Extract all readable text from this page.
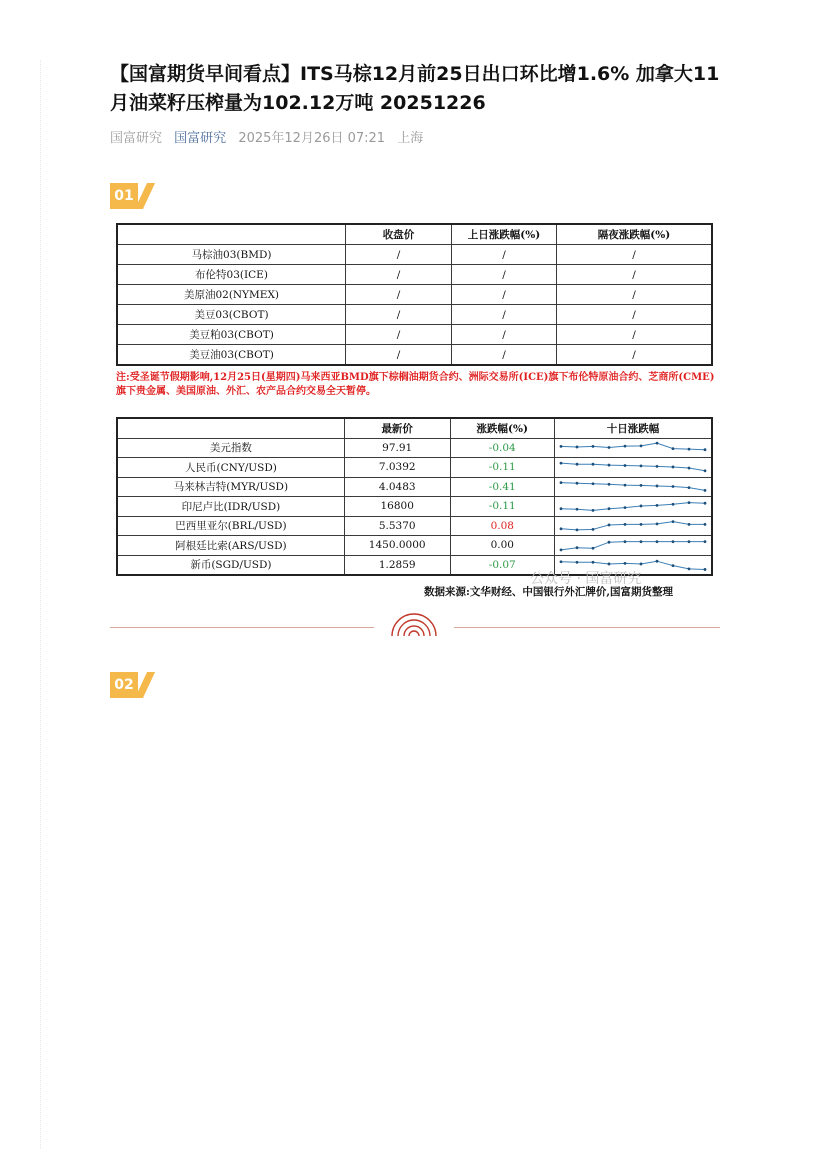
【国富期货早间看点】ITS马棕12月前25日出口环比增1.6% 加拿大11月油菜籽压榨量为102.12万吨 20251226
国富研究 国富研究 2025年12月26日 07:21 上海
01
	收盘价	上日涨跌幅(%)	隔夜涨跌幅(%)
马棕油03(BMD)	/	/	/
布伦特03(ICE)	/	/	/
美原油02(NYMEX)	/	/	/
美豆03(CBOT)	/	/	/
美豆粕03(CBOT)	/	/	/
美豆油03(CBOT)	/	/	/
注:受圣诞节假期影响,12月25日(星期四)马来西亚BMD旗下棕榈油期货合约、洲际交易所(ICE)旗下布伦特原油合约、芝商所(CME)旗下贵金属、美国原油、外汇、农产品合约交易全天暂停。
	最新价	涨跌幅(%)	十日涨跌幅
美元指数	97.91	-0.04	

人民币(CNY/USD)	7.0392	-0.11	

马来林吉特(MYR/USD)	4.0483	-0.41	

印尼卢比(IDR/USD)	16800	-0.11	

巴西里亚尔(BRL/USD)	5.5370	0.08	

阿根廷比索(ARS/USD)	1450.0000	0.00	

新币(SGD/USD)	1.2859	-0.07	
公众号 · 国富研究
数据来源:文华财经、中国银行外汇牌价,国富期货整理
02
